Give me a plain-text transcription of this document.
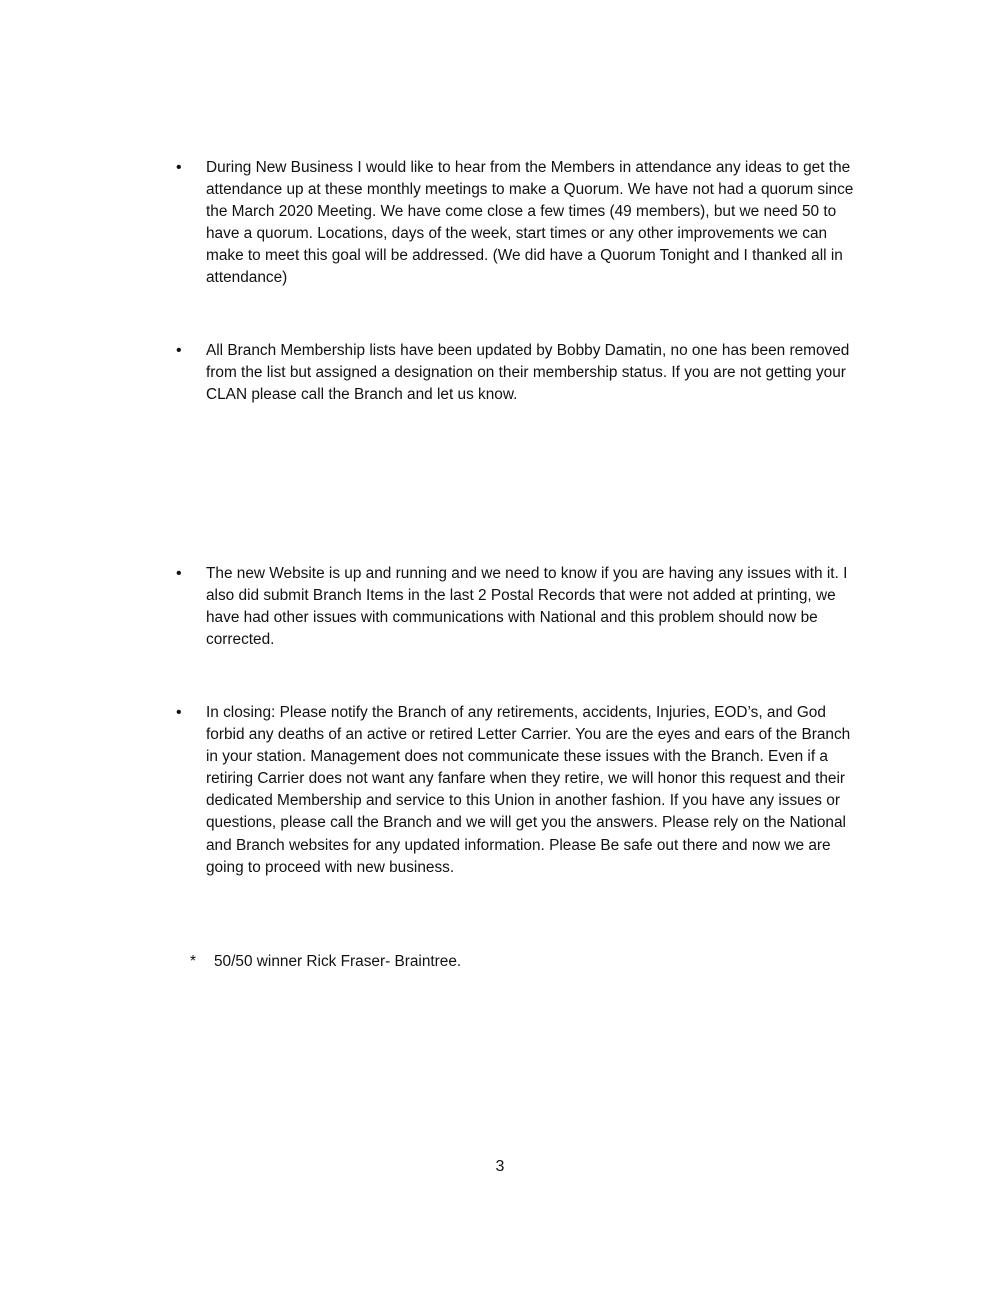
• During New Business I would like to hear from the Members in attendance any ideas to get the attendance up at these monthly meetings to make a Quorum. We have not had a quorum since the March 2020 Meeting. We have come close a few times (49 members), but we need 50 to have a quorum. Locations, days of the week, start times or any other improvements we can make to meet this goal will be addressed. (We did have a Quorum Tonight and I thanked all in attendance)

• All Branch Membership lists have been updated by Bobby Damatin, no one has been removed from the list but assigned a designation on their membership status. If you are not getting your CLAN please call the Branch and let us know.

• The new Website is up and running and we need to know if you are having any issues with it. I also did submit Branch Items in the last 2 Postal Records that were not added at printing, we have had other issues with communications with National and this problem should now be corrected.

• In closing: Please notify the Branch of any retirements, accidents, Injuries, EOD’s, and God forbid any deaths of an active or retired Letter Carrier. You are the eyes and ears of the Branch in your station. Management does not communicate these issues with the Branch. Even if a retiring Carrier does not want any fanfare when they retire, we will honor this request and their dedicated Membership and service to this Union in another fashion. If you have any issues or questions, please call the Branch and we will get you the answers. Please rely on the National and Branch websites for any updated information. Please Be safe out there and now we are going to proceed with new business.

* 50/50 winner Rick Fraser- Braintree.
3
